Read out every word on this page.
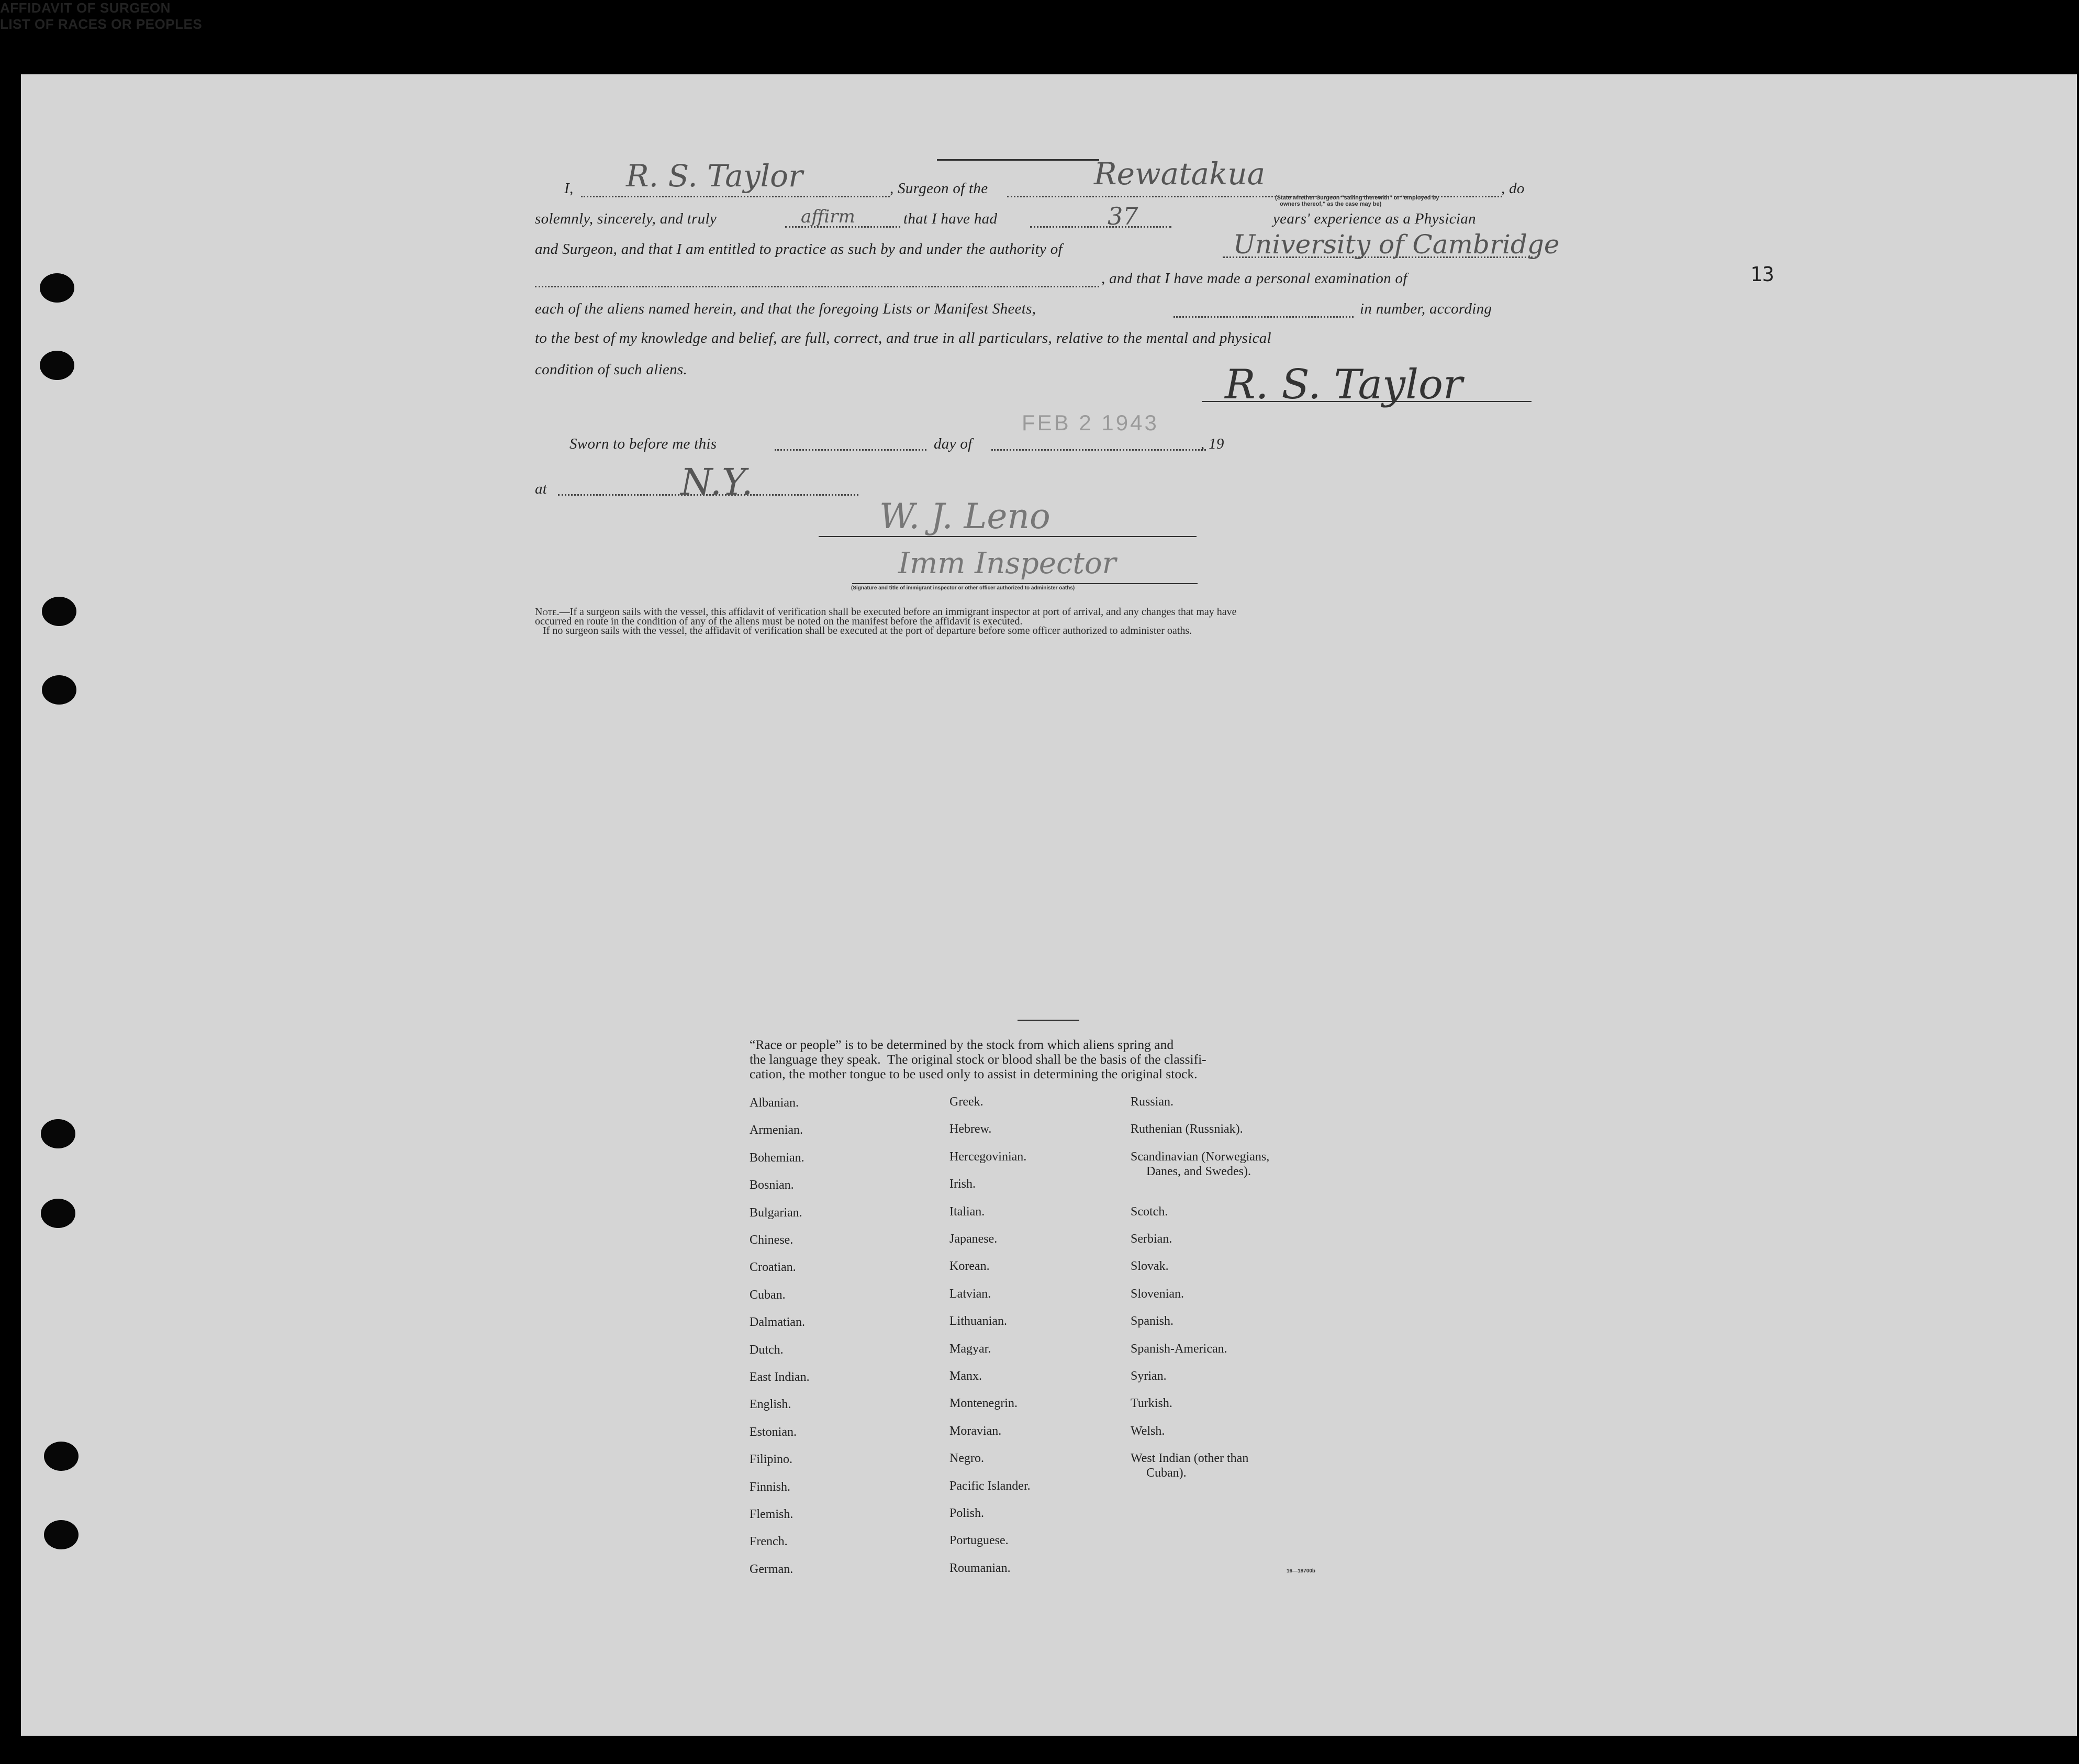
13
AFFIDAVIT OF SURGEON
I, R. S. Taylor	, Surgeon of the	Rewatakua	, do
(State whether Surgeon "sailing therewith" or "employed by
owners thereof," as the case may be)
solemnly, sincerely, and truly	affirm	that I have had	37	years' experience as a Physician
and Surgeon, and that I am entitled to practice as such by and under the authority of	University of Cambridge
, and that I have made a personal examination of
each of the aliens named herein, and that the foregoing Lists or Manifest Sheets,	in number, according
to the best of my knowledge and belief, are full, correct, and true in all particulars, relative to the mental and physical
condition of such aliens.	R. S. Taylor
Sworn to before me this	day of	, 19
FEB 2 1943
at	N.Y.
W. J. Leno
Imm Inspector
(Signature and title of immigrant inspector or other officer authorized to administer oaths)
Note.—If a surgeon sails with the vessel, this affidavit of verification shall be executed before an immigrant inspector at port of arrival, and any changes that may have
occurred en route in the condition of any of the aliens must be noted on the manifest before the affidavit is executed.
If no surgeon sails with the vessel, the affidavit of verification shall be executed at the port of departure before some officer authorized to administer oaths.
LIST OF RACES OR PEOPLES
“Race or people” is to be determined by the stock from which aliens spring and
the language they speak.  The original stock or blood shall be the basis of the classifi-
cation, the mother tongue to be used only to assist in determining the original stock.
Albanian.
Armenian.
Bohemian.
Bosnian.
Bulgarian.
Chinese.
Croatian.
Cuban.
Dalmatian.
Dutch.
East Indian.
English.
Estonian.
Filipino.
Finnish.
Flemish.
French.
German.
Greek.
Hebrew.
Hercegovinian.
Irish.
Italian.
Japanese.
Korean.
Latvian.
Lithuanian.
Magyar.
Manx.
Montenegrin.
Moravian.
Negro.
Pacific Islander.
Polish.
Portuguese.
Roumanian.
Russian.
Ruthenian (Russniak).
Scandinavian (Norwegians,
Danes, and Swedes).
Scotch.
Serbian.
Slovak.
Slovenian.
Spanish.
Spanish-American.
Syrian.
Turkish.
Welsh.
West Indian (other than
Cuban).
16—18700b
